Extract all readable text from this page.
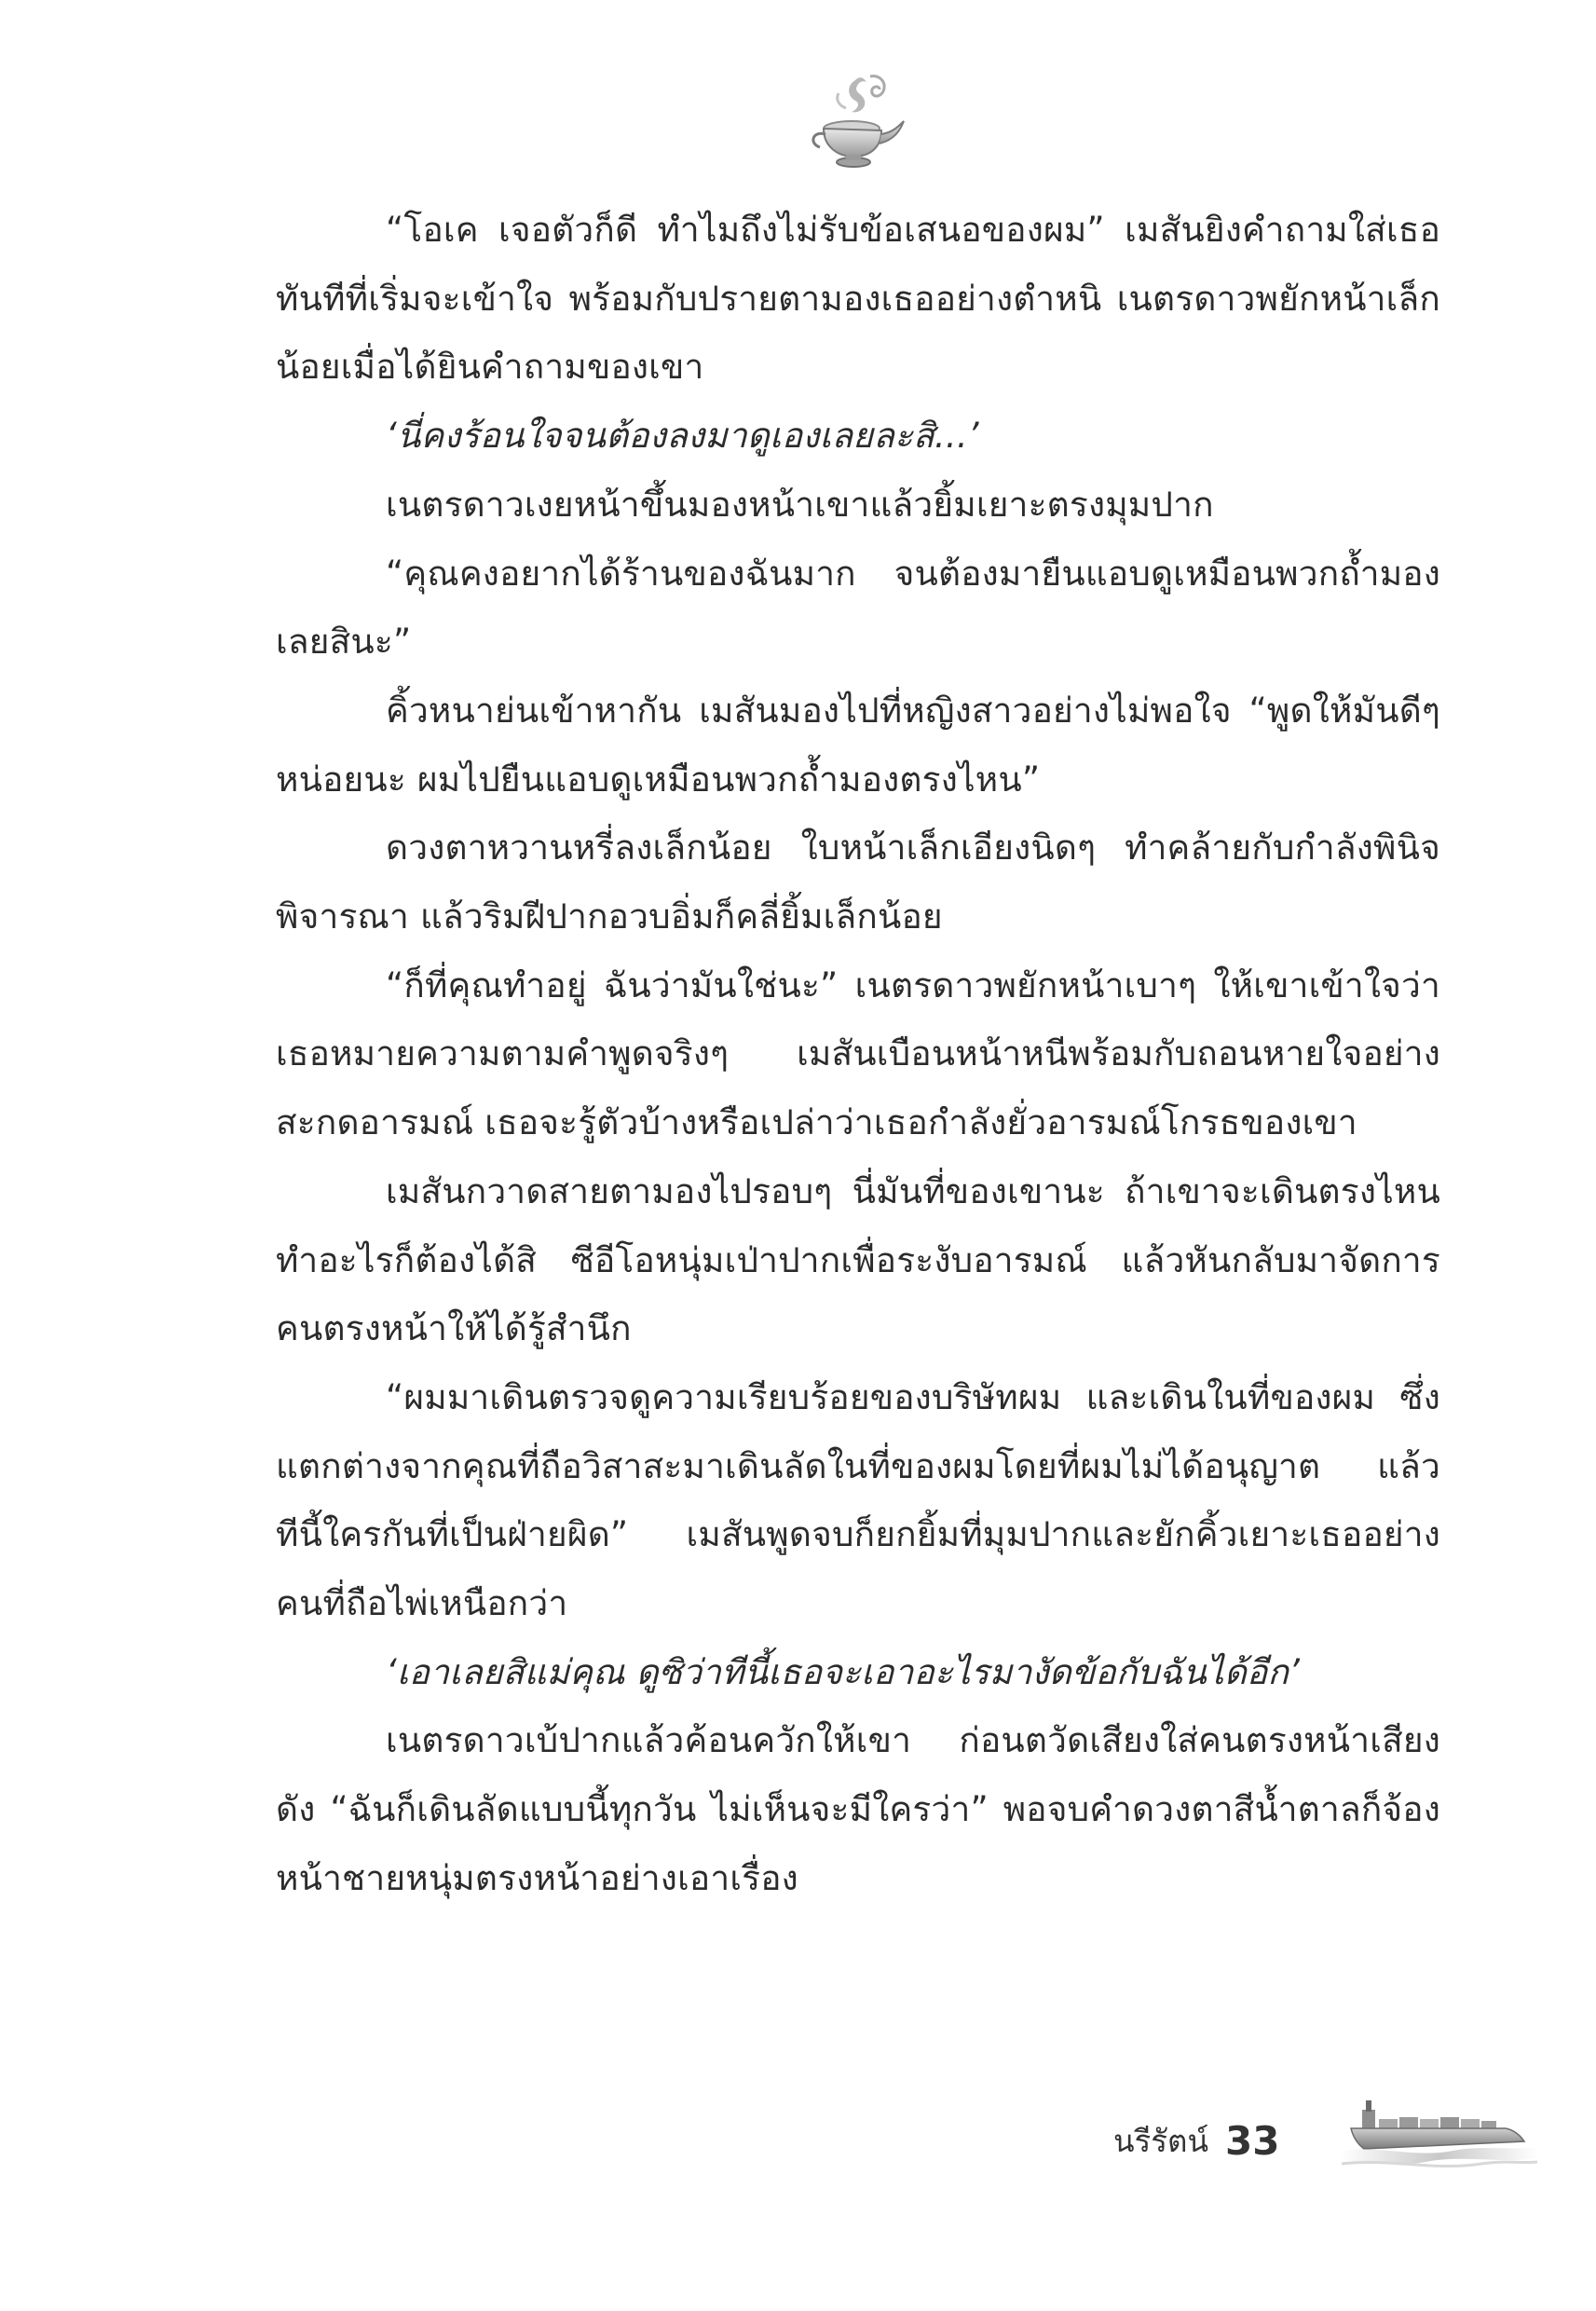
“โอเค เจอตัวก็ดี ทำไมถึงไม่รับข้อเสนอของผม” เมสันยิงคำถามใส่เธอทันทีที่เริ่มจะเข้าใจ พร้อมกับปรายตามองเธออย่างตำหนิ เนตรดาวพยักหน้าเล็กน้อยเมื่อได้ยินคำถามของเขา

‘นี่คงร้อนใจจนต้องลงมาดูเองเลยละสิ...’

เนตรดาวเงยหน้าขึ้นมองหน้าเขาแล้วยิ้มเยาะตรงมุมปาก

“คุณคงอยากได้ร้านของฉันมาก จนต้องมายืนแอบดูเหมือนพวกถ้ำมองเลยสินะ”

คิ้วหนาย่นเข้าหากัน เมสันมองไปที่หญิงสาวอย่างไม่พอใจ “พูดให้มันดีๆ หน่อยนะ ผมไปยืนแอบดูเหมือนพวกถ้ำมองตรงไหน”

ดวงตาหวานหรี่ลงเล็กน้อย ใบหน้าเล็กเอียงนิดๆ ทำคล้ายกับกำลังพินิจพิจารณา แล้วริมฝีปากอวบอิ่มก็คลี่ยิ้มเล็กน้อย

“ก็ที่คุณทำอยู่ ฉันว่ามันใช่นะ” เนตรดาวพยักหน้าเบาๆ ให้เขาเข้าใจว่าเธอหมายความตามคำพูดจริงๆ เมสันเบือนหน้าหนีพร้อมกับถอนหายใจอย่างสะกดอารมณ์ เธอจะรู้ตัวบ้างหรือเปล่าว่าเธอกำลังยั่วอารมณ์โกรธของเขา

เมสันกวาดสายตามองไปรอบๆ นี่มันที่ของเขานะ ถ้าเขาจะเดินตรงไหน ทำอะไรก็ต้องได้สิ ซีอีโอหนุ่มเป่าปากเพื่อระงับอารมณ์ แล้วหันกลับมาจัดการคนตรงหน้าให้ได้รู้สำนึก

“ผมมาเดินตรวจดูความเรียบร้อยของบริษัทผม และเดินในที่ของผม ซึ่งแตกต่างจากคุณที่ถือวิสาสะมาเดินลัดในที่ของผมโดยที่ผมไม่ได้อนุญาต แล้วทีนี้ใครกันที่เป็นฝ่ายผิด” เมสันพูดจบก็ยกยิ้มที่มุมปากและยักคิ้วเยาะเธออย่างคนที่ถือไพ่เหนือกว่า

‘เอาเลยสิแม่คุณ ดูซิว่าทีนี้เธอจะเอาอะไรมางัดข้อกับฉันได้อีก’

เนตรดาวเบ้ปากแล้วค้อนควักให้เขา ก่อนตวัดเสียงใส่คนตรงหน้าเสียงดัง “ฉันก็เดินลัดแบบนี้ทุกวัน ไม่เห็นจะมีใครว่า” พอจบคำดวงตาสีน้ำตาลก็จ้องหน้าชายหนุ่มตรงหน้าอย่างเอาเรื่อง

นรีรัตน์ 33
